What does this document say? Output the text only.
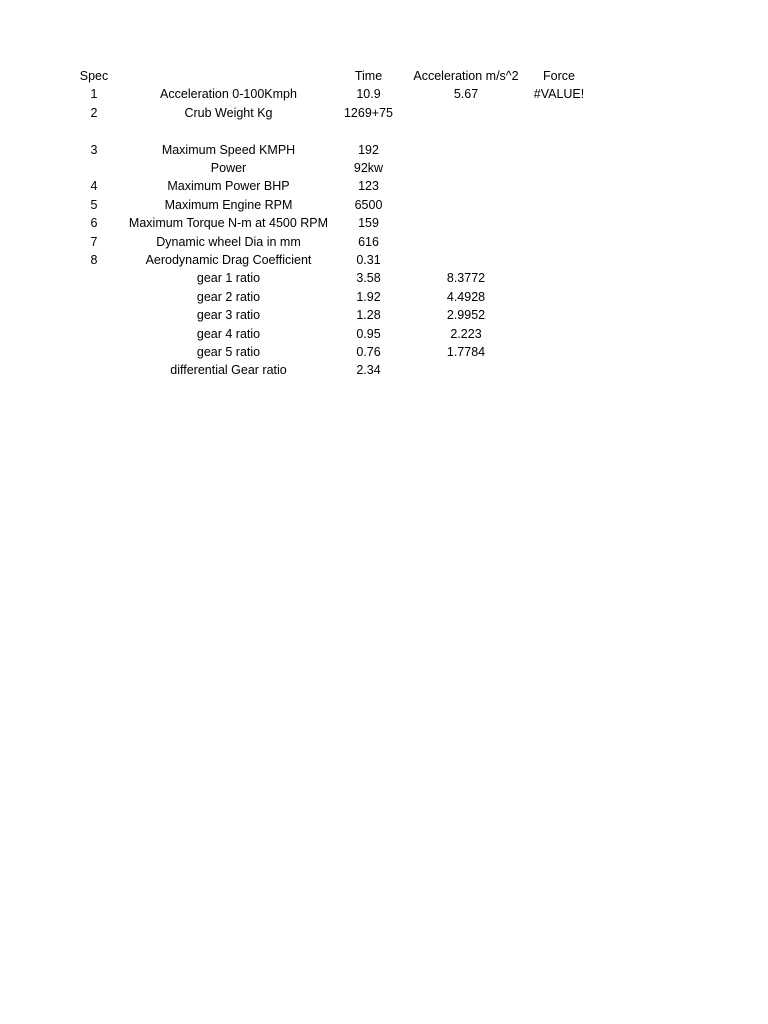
Spec		Time	Acceleration m/s^2	Force
1	Acceleration 0-100Kmph	10.9	5.67	#VALUE!
2	Crub Weight Kg	1269+75		

3	Maximum Speed KMPH	192		
	Power	92kw		
4	Maximum Power BHP	123		
5	Maximum Engine RPM	6500		
6	Maximum Torque N-m at 4500 RPM	159		
7	Dynamic wheel Dia in mm	616		
8	Aerodynamic Drag Coefficient	0.31		
	gear 1 ratio	3.58	8.3772	
	gear 2 ratio	1.92	4.4928	
	gear 3 ratio	1.28	2.9952	
	gear 4 ratio	0.95	2.223	
	gear 5 ratio	0.76	1.7784	
	differential Gear ratio	2.34		
